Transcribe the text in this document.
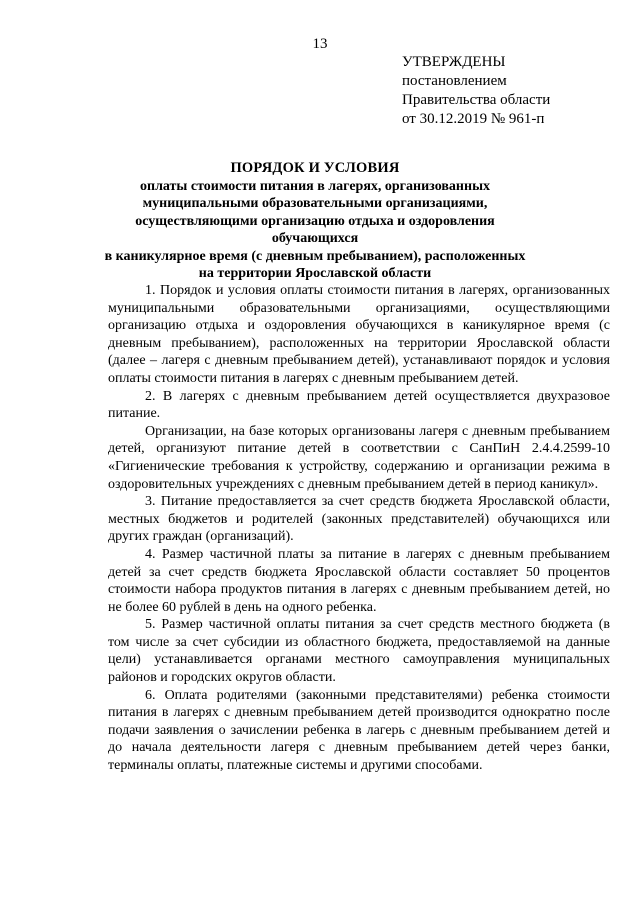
13
УТВЕРЖДЕНЫ
постановлением
Правительства области
от 30.12.2019 № 961-п
ПОРЯДОК И УСЛОВИЯ
оплаты стоимости питания в лагерях, организованных
муниципальными образовательными организациями,
осуществляющими организацию отдыха и оздоровления обучающихся
в каникулярное время (с дневным пребыванием), расположенных
на территории Ярославской области

1. Порядок и условия оплаты стоимости питания в лагерях, организованных муниципальными образовательными организациями, осуществляющими организацию отдыха и оздоровления обучающихся в каникулярное время (с дневным пребыванием), расположенных на территории Ярославской области (далее – лагеря с дневным пребыванием детей), устанавливают порядок и условия оплаты стоимости питания в лагерях с дневным пребыванием детей.

2. В лагерях с дневным пребыванием детей осуществляется двухразовое питание.

Организации, на базе которых организованы лагеря с дневным пребыванием детей, организуют питание детей в соответствии с СанПиН 2.4.4.2599-10 «Гигиенические требования к устройству, содержанию и организации режима в оздоровительных учреждениях с дневным пребыванием детей в период каникул».

3. Питание предоставляется за счет средств бюджета Ярославской области, местных бюджетов и родителей (законных представителей) обучающихся или других граждан (организаций).

4. Размер частичной платы за питание в лагерях с дневным пребыванием детей за счет средств бюджета Ярославской области составляет 50 процентов стоимости набора продуктов питания в лагерях с дневным пребыванием детей, но не более 60 рублей в день на одного ребенка.

5. Размер частичной оплаты питания за счет средств местного бюджета (в том числе за счет субсидии из областного бюджета, предоставляемой на данные цели) устанавливается органами местного самоуправления муниципальных районов и городских округов области.

6. Оплата родителями (законными представителями) ребенка стоимости питания в лагерях с дневным пребыванием детей производится однократно после подачи заявления о зачислении ребенка в лагерь с дневным пребыванием детей и до начала деятельности лагеря с дневным пребыванием детей через банки, терминалы оплаты, платежные системы и другими способами.
